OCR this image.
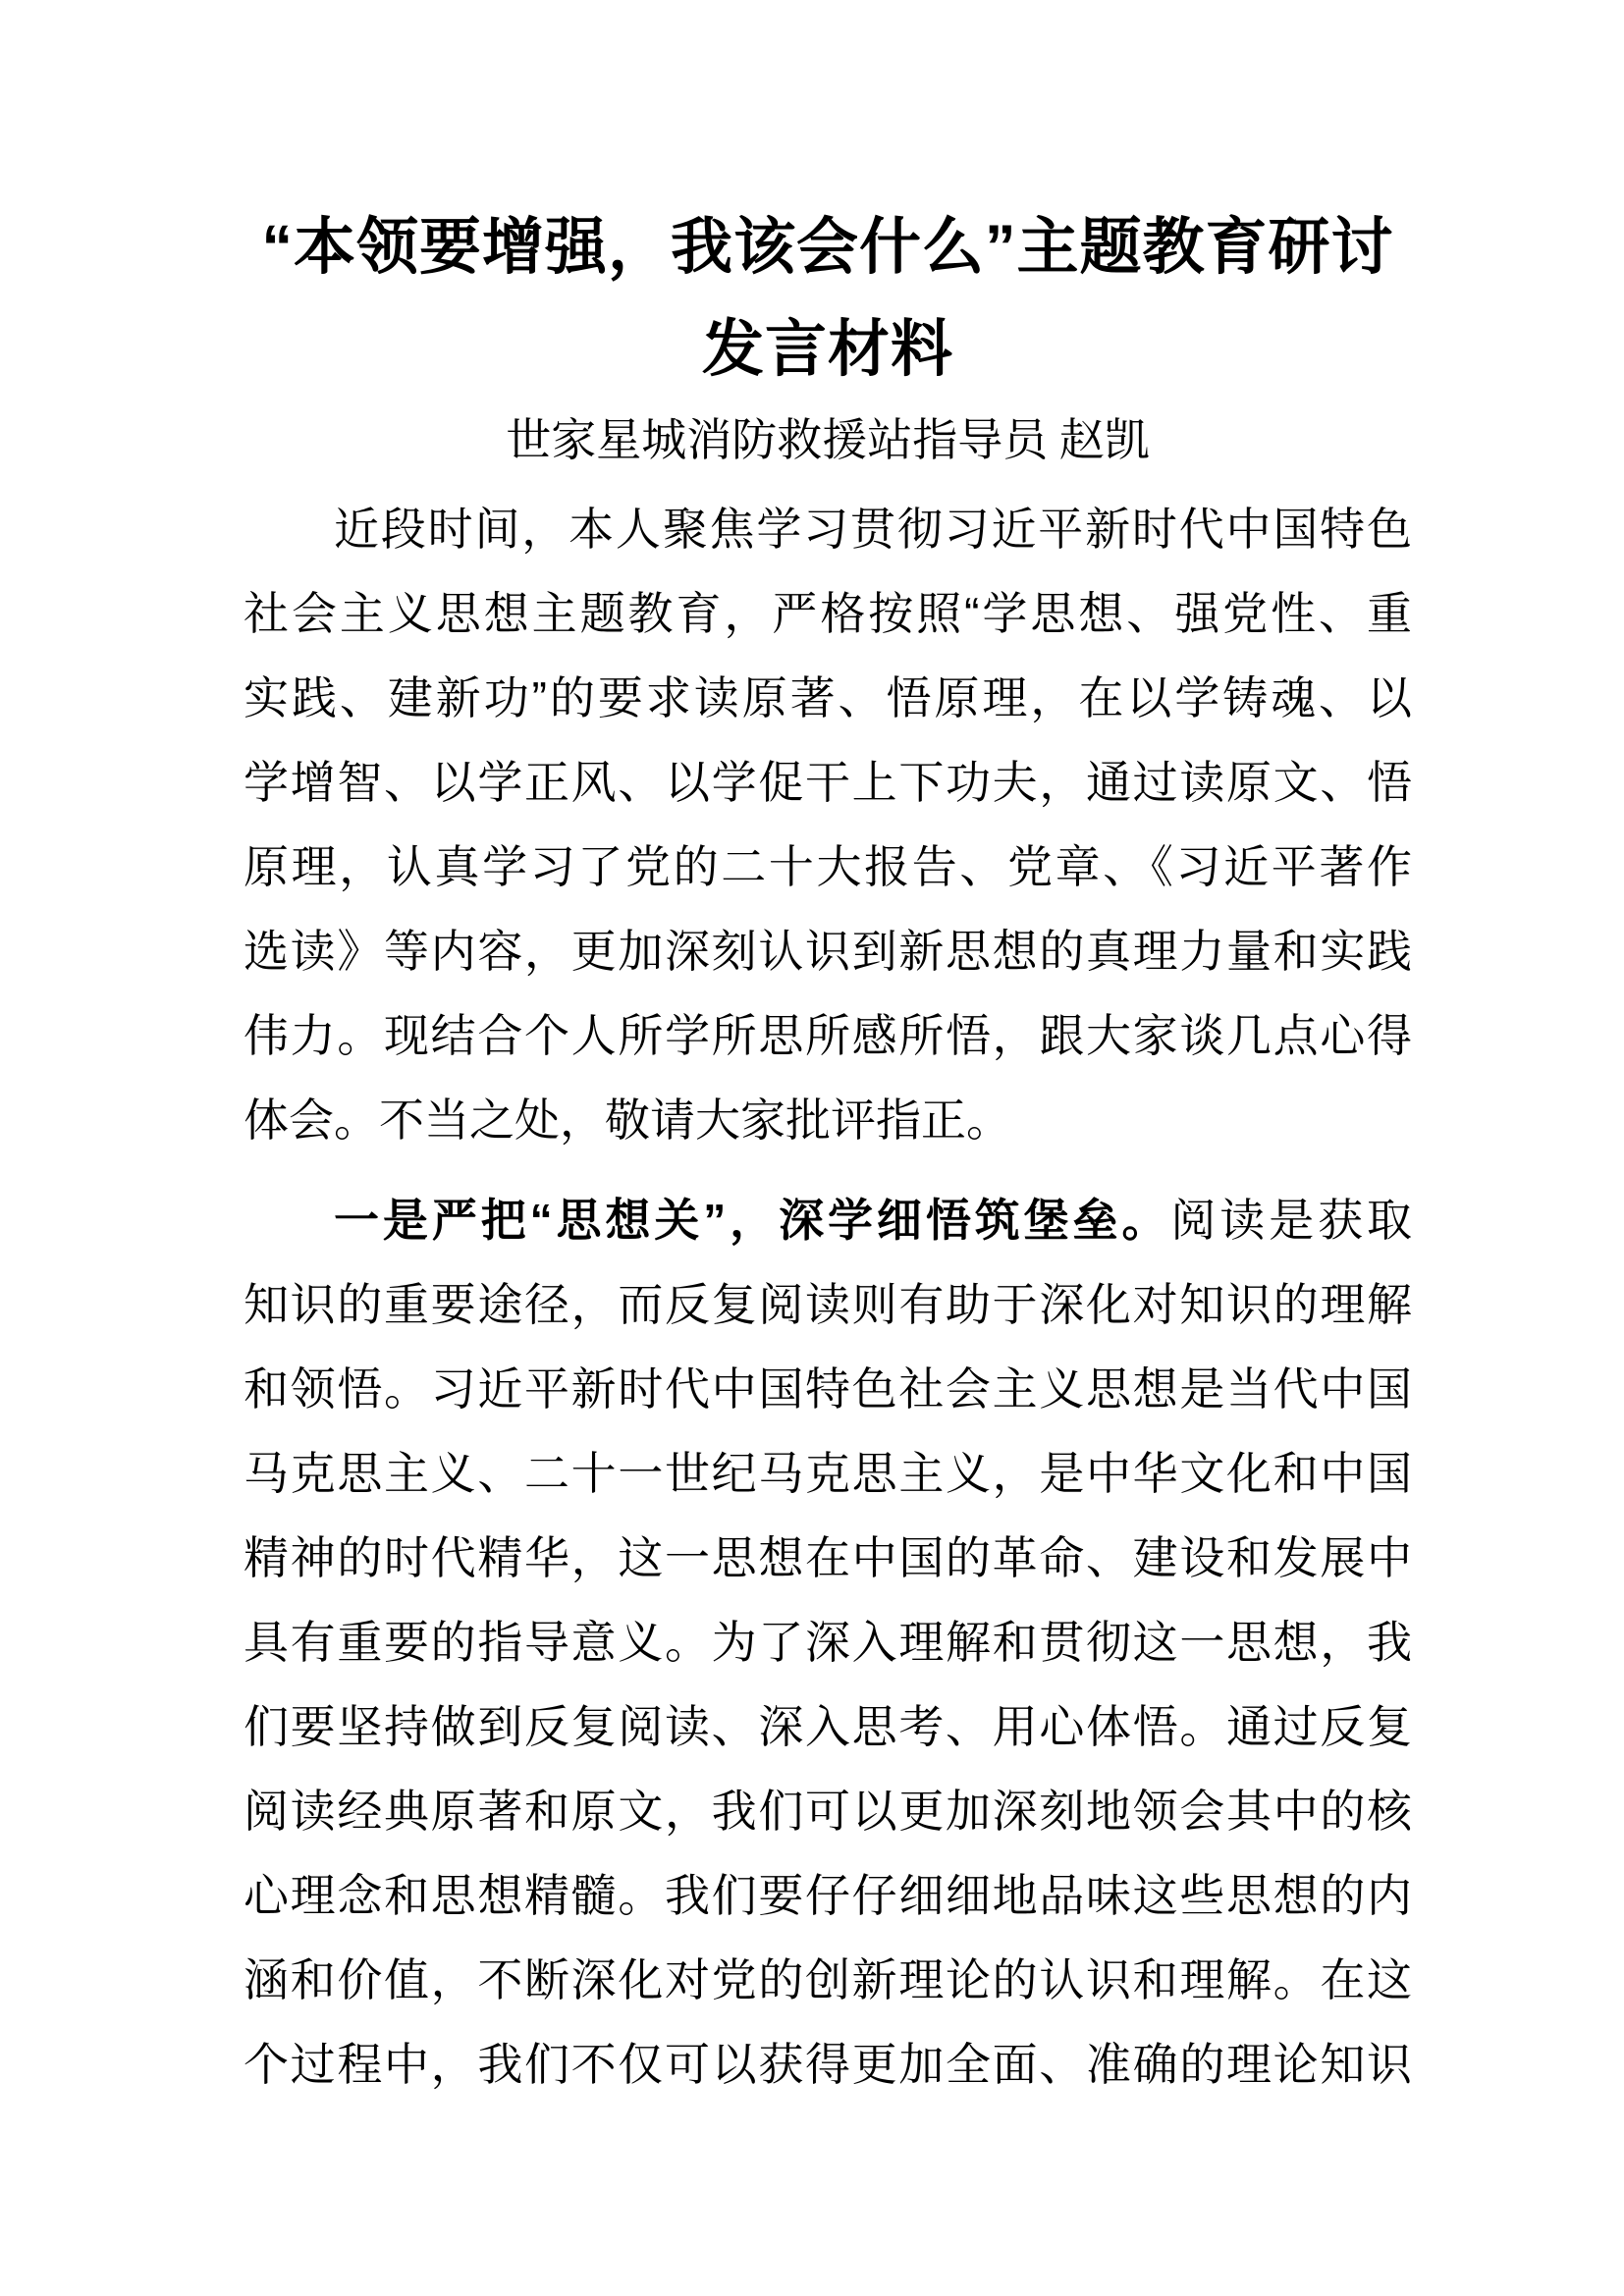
“本领要增强，我该会什么”主题教育研讨
发言材料
世家星城消防救援站指导员 赵凯
近段时间，本人聚焦学习贯彻习近平新时代中国特色
社会主义思想主题教育，严格按照“学思想、强党性、重
实践、建新功”的要求读原著、悟原理，在以学铸魂、以
学增智、以学正风、以学促干上下功夫，通过读原文、悟
原理，认真学习了党的二十大报告、党章、《习近平著作
选读》等内容，更加深刻认识到新思想的真理力量和实践
伟力。现结合个人所学所思所感所悟，跟大家谈几点心得
体会。不当之处，敬请大家批评指正。
一是严把“思想关”，深学细悟筑堡垒。阅读是获取
知识的重要途径，而反复阅读则有助于深化对知识的理解
和领悟。习近平新时代中国特色社会主义思想是当代中国
马克思主义、二十一世纪马克思主义，是中华文化和中国
精神的时代精华，这一思想在中国的革命、建设和发展中
具有重要的指导意义。为了深入理解和贯彻这一思想，我
们要坚持做到反复阅读、深入思考、用心体悟。通过反复
阅读经典原著和原文，我们可以更加深刻地领会其中的核
心理念和思想精髓。我们要仔仔细细地品味这些思想的内
涵和价值，不断深化对党的创新理论的认识和理解。在这
个过程中，我们不仅可以获得更加全面、准确的理论知识
